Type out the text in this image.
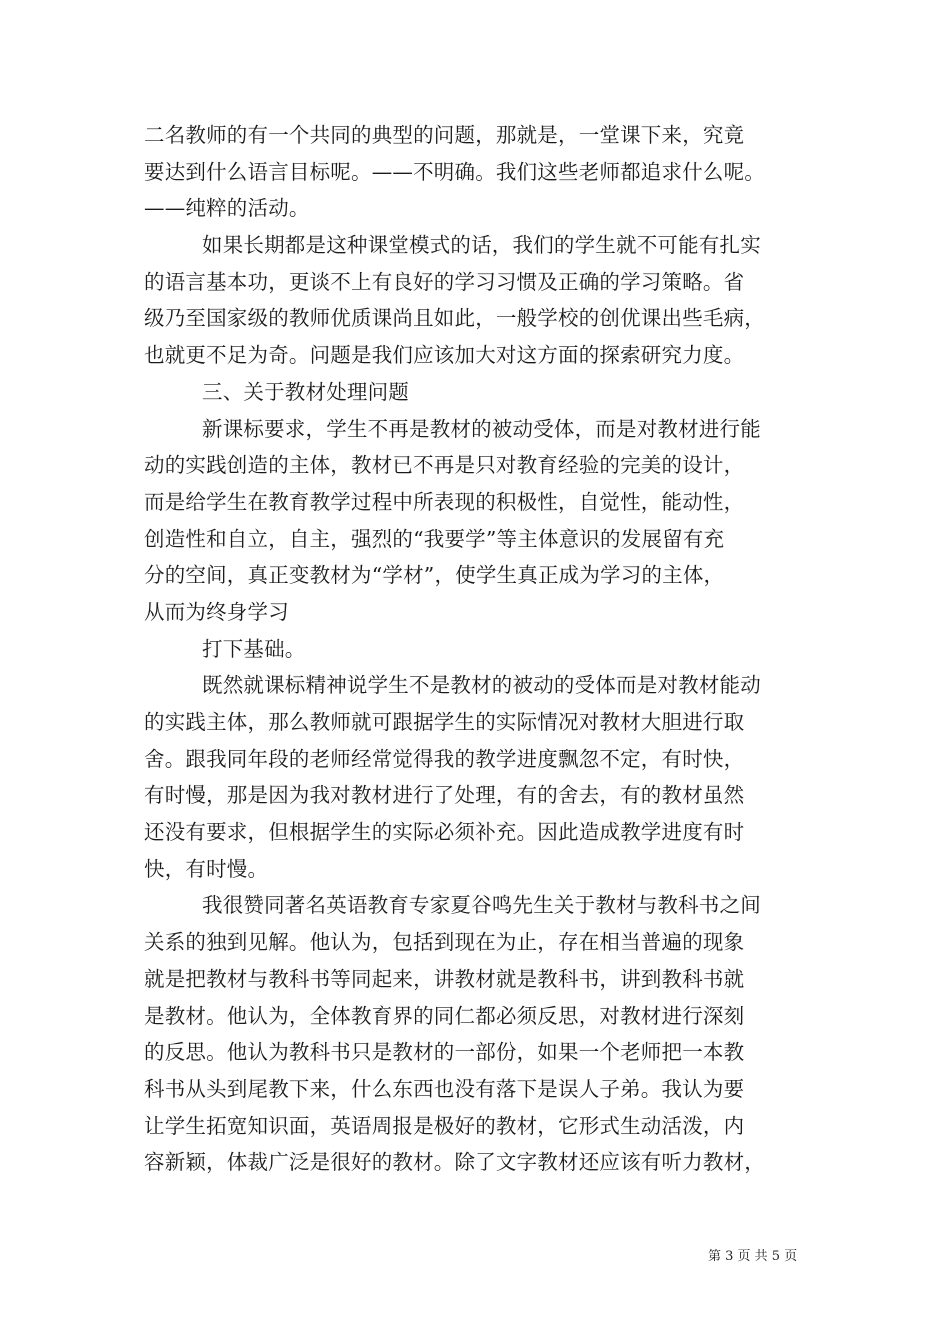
二名教师的有一个共同的典型的问题，那就是，一堂课下来，究竟
要达到什么语言目标呢。——不明确。我们这些老师都追求什么呢。
——纯粹的活动。
如果长期都是这种课堂模式的话，我们的学生就不可能有扎实
的语言基本功，更谈不上有良好的学习习惯及正确的学习策略。省
级乃至国家级的教师优质课尚且如此，一般学校的创优课出些毛病，
也就更不足为奇。问题是我们应该加大对这方面的探索研究力度。
三、关于教材处理问题
新课标要求，学生不再是教材的被动受体，而是对教材进行能
动的实践创造的主体，教材已不再是只对教育经验的完美的设计，
而是给学生在教育教学过程中所表现的积极性，自觉性，能动性，
创造性和自立，自主，强烈的“我要学”等主体意识的发展留有充
分的空间，真正变教材为“学材”，使学生真正成为学习的主体，
从而为终身学习
打下基础。
既然就课标精神说学生不是教材的被动的受体而是对教材能动
的实践主体，那么教师就可跟据学生的实际情况对教材大胆进行取
舍。跟我同年段的老师经常觉得我的教学进度飘忽不定，有时快，
有时慢，那是因为我对教材进行了处理，有的舍去，有的教材虽然
还没有要求，但根据学生的实际必须补充。因此造成教学进度有时
快，有时慢。
我很赞同著名英语教育专家夏谷鸣先生关于教材与教科书之间
关系的独到见解。他认为，包括到现在为止，存在相当普遍的现象
就是把教材与教科书等同起来，讲教材就是教科书，讲到教科书就
是教材。他认为，全体教育界的同仁都必须反思，对教材进行深刻
的反思。他认为教科书只是教材的一部份，如果一个老师把一本教
科书从头到尾教下来，什么东西也没有落下是误人子弟。我认为要
让学生拓宽知识面，英语周报是极好的教材，它形式生动活泼，内
容新颖，体裁广泛是很好的教材。除了文字教材还应该有听力教材，
第 3 页 共 5 页
